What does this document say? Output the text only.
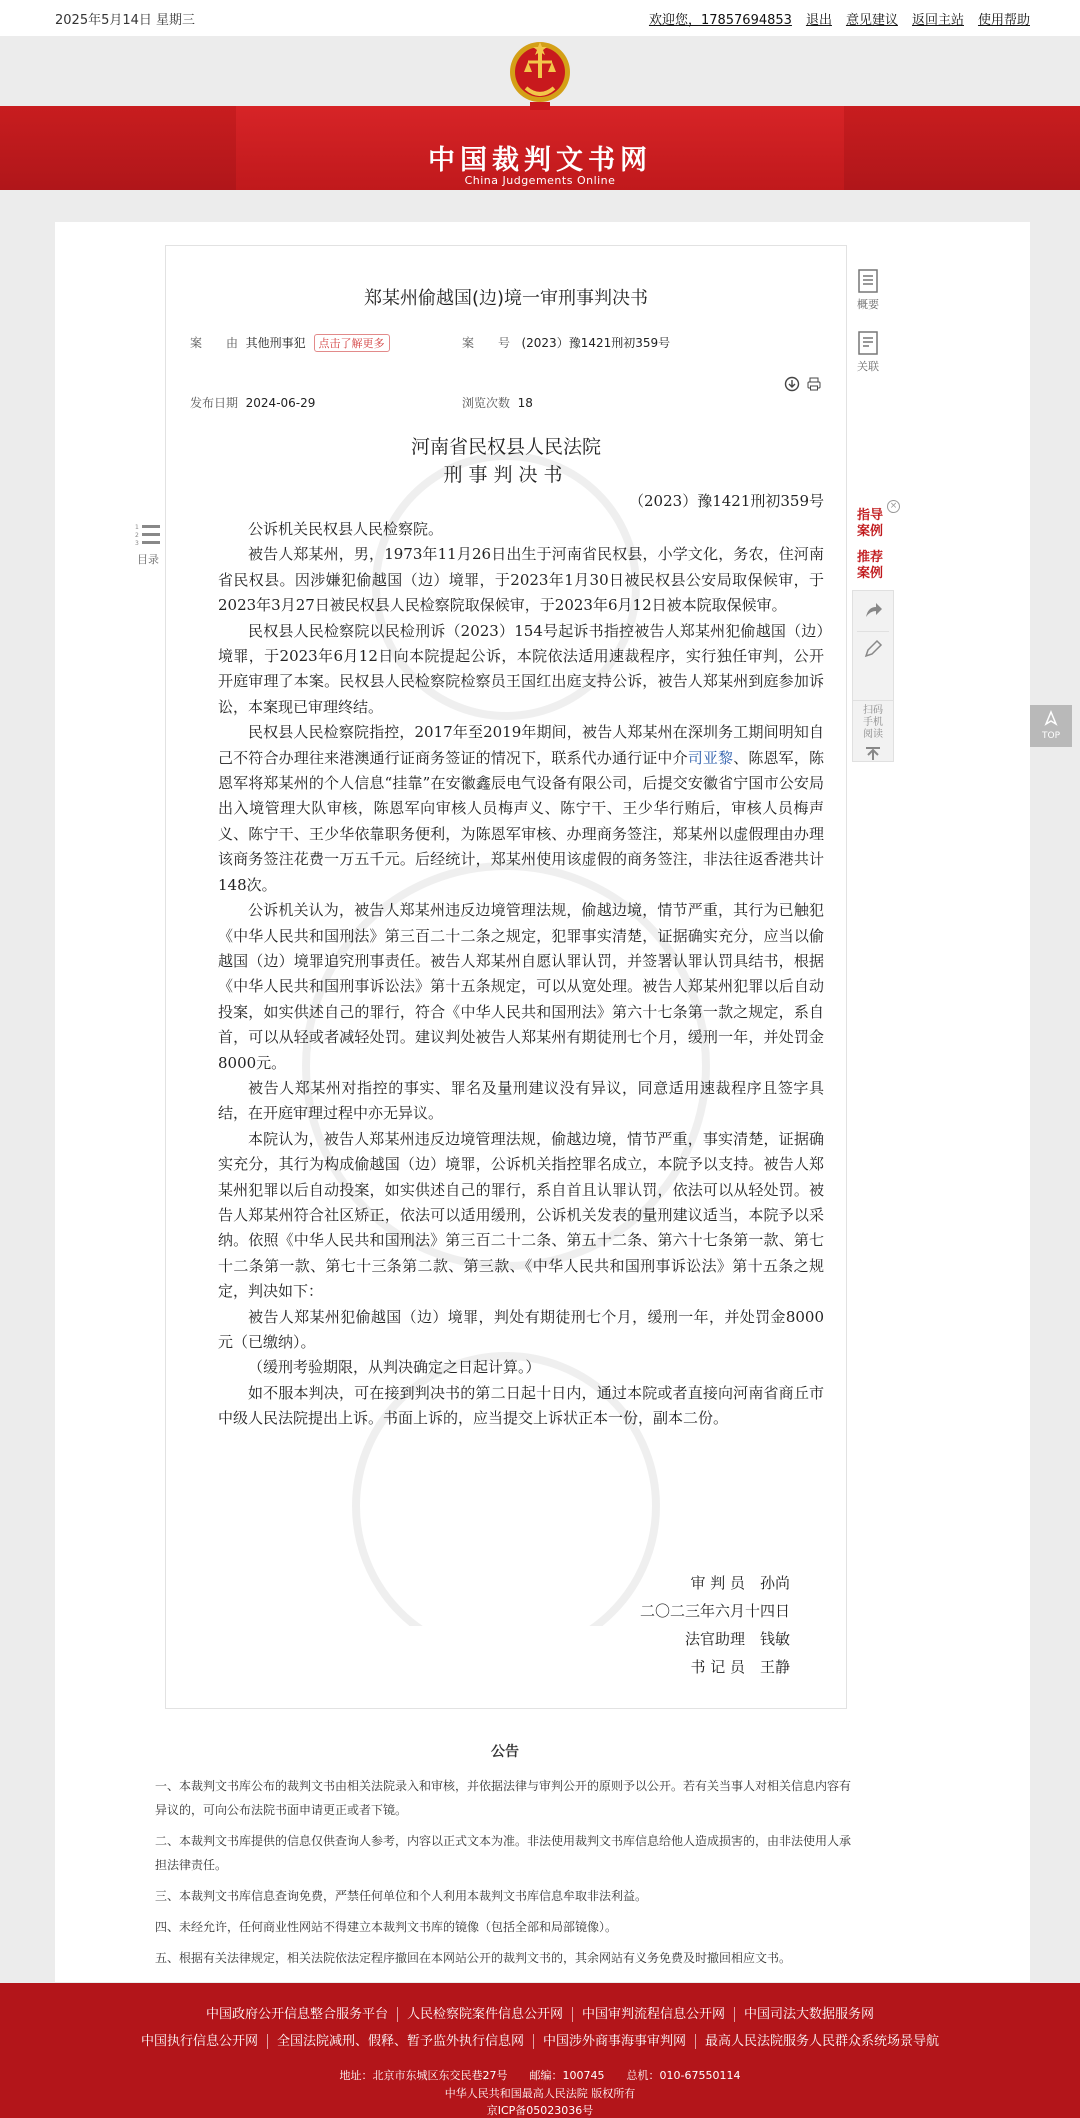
2025年5月14日 星期三	欢迎您，17857694853 退出 意见建议 返回主站 使用帮助
中国裁判文书网
China Judgements Online
1
2
3
目录
郑某州偷越国(边)境一审刑事判决书
案　　由 其他刑事犯 点击了解更多	案　　号 (2023）豫1421刑初359号
发布日期 2024-06-29	浏览次数 18
河南省民权县人民法院
刑事判决书
（2023）豫1421刑初359号

公诉机关民权县人民检察院。

被告人郑某州，男，1973年11月26日出生于河南省民权县，小学文化，务农，住河南省民权县。因涉嫌犯偷越国（边）境罪，于2023年1月30日被民权县公安局取保候审，于2023年3月27日被民权县人民检察院取保候审，于2023年6月12日被本院取保候审。

民权县人民检察院以民检刑诉（2023）154号起诉书指控被告人郑某州犯偷越国（边）境罪，于2023年6月12日向本院提起公诉，本院依法适用速裁程序，实行独任审判，公开开庭审理了本案。民权县人民检察院检察员王国红出庭支持公诉，被告人郑某州到庭参加诉讼，本案现已审理终结。

民权县人民检察院指控，2017年至2019年期间，被告人郑某州在深圳务工期间明知自己不符合办理往来港澳通行证商务签证的情况下，联系代办通行证中介司亚黎、陈恩军，陈恩军将郑某州的个人信息“挂靠”在安徽鑫辰电气设备有限公司，后提交安徽省宁国市公安局出入境管理大队审核，陈恩军向审核人员梅声义、陈宁干、王少华行贿后，审核人员梅声义、陈宁干、王少华依靠职务便利，为陈恩军审核、办理商务签注，郑某州以虚假理由办理该商务签注花费一万五千元。后经统计，郑某州使用该虚假的商务签注，非法往返香港共计148次。

公诉机关认为，被告人郑某州违反边境管理法规，偷越边境，情节严重，其行为已触犯《中华人民共和国刑法》第三百二十二条之规定，犯罪事实清楚，证据确实充分，应当以偷越国（边）境罪追究刑事责任。被告人郑某州自愿认罪认罚，并签署认罪认罚具结书，根据《中华人民共和国刑事诉讼法》第十五条规定，可以从宽处理。被告人郑某州犯罪以后自动投案，如实供述自己的罪行，符合《中华人民共和国刑法》第六十七条第一款之规定，系自首，可以从轻或者减轻处罚。建议判处被告人郑某州有期徒刑七个月，缓刑一年，并处罚金8000元。

被告人郑某州对指控的事实、罪名及量刑建议没有异议，同意适用速裁程序且签字具结，在开庭审理过程中亦无异议。

本院认为，被告人郑某州违反边境管理法规，偷越边境，情节严重，事实清楚，证据确实充分，其行为构成偷越国（边）境罪，公诉机关指控罪名成立，本院予以支持。被告人郑某州犯罪以后自动投案，如实供述自己的罪行，系自首且认罪认罚，依法可以从轻处罚。被告人郑某州符合社区矫正，依法可以适用缓刑，公诉机关发表的量刑建议适当，本院予以采纳。依照《中华人民共和国刑法》第三百二十二条、第五十二条、第六十七条第一款、第七十二条第一款、第七十三条第二款、第三款、《中华人民共和国刑事诉讼法》第十五条之规定，判决如下：

被告人郑某州犯偷越国（边）境罪，判处有期徒刑七个月，缓刑一年，并处罚金8000元（已缴纳）。

（缓刑考验期限，从判决确定之日起计算。）

如不服本判决，可在接到判决书的第二日起十日内，通过本院或者直接向河南省商丘市中级人民法院提出上诉。书面上诉的，应当提交上诉状正本一份，副本二份。

审 判 员　孙尚
二〇二三年六月十四日
法官助理　钱敏
书 记 员　王静
概要
关联
×
指导案例
推荐案例
扫码手机阅读	TOP
公告

一、本裁判文书库公布的裁判文书由相关法院录入和审核，并依据法律与审判公开的原则予以公开。若有关当事人对相关信息内容有异议的，可向公布法院书面申请更正或者下镜。

二、本裁判文书库提供的信息仅供查询人参考，内容以正式文本为准。非法使用裁判文书库信息给他人造成损害的，由非法使用人承担法律责任。

三、本裁判文书库信息查询免费，严禁任何单位和个人利用本裁判文书库信息牟取非法利益。

四、未经允许，任何商业性网站不得建立本裁判文书库的镜像（包括全部和局部镜像）。

五、根据有关法律规定，相关法院依法定程序撤回在本网站公开的裁判文书的，其余网站有义务免费及时撤回相应文书。

中国政府公开信息整合服务平台 人民检察院案件信息公开网 中国审判流程信息公开网 中国司法大数据服务网
中国执行信息公开网 全国法院减刑、假释、暂予监外执行信息网 中国涉外商事海事审判网 最高人民法院服务人民群众系统场景导航
地址：北京市东城区东交民巷27号　　邮编：100745　　总机：010-67550114
中华人民共和国最高人民法院 版权所有
京ICP备05023036号
